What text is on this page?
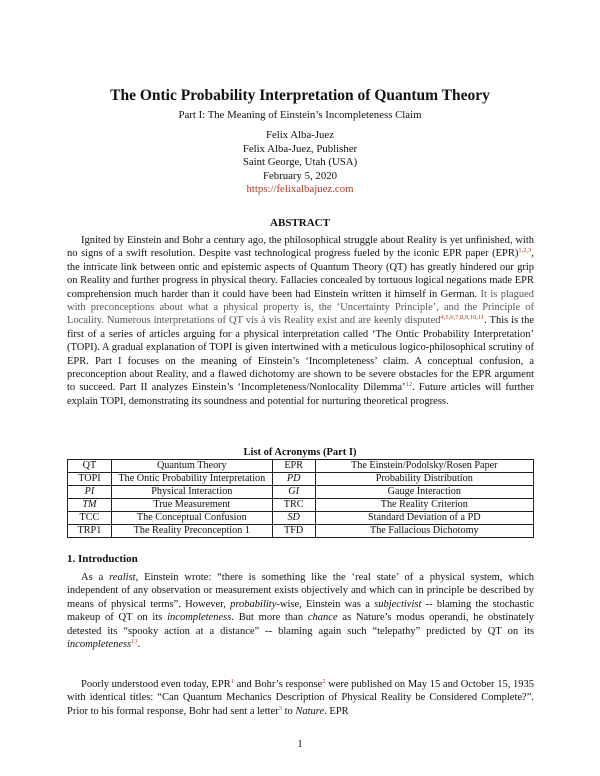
The Ontic Probability Interpretation of Quantum Theory
Part I: The Meaning of Einstein’s Incompleteness Claim
Felix Alba-Juez
Felix Alba-Juez, Publisher
Saint George, Utah (USA)
February 5, 2020
https://felixalbajuez.com
ABSTRACT

Ignited by Einstein and Bohr a century ago, the philosophical struggle about Reality is yet unfinished, with no signs of a swift resolution. Despite vast technological progress fueled by the iconic EPR paper (EPR)$^{1,2,3}$, the intricate link between ontic and epistemic aspects of Quantum Theory (QT) has greatly hindered our grip on Reality and further progress in physical theory. Fallacies concealed by tortuous logical negations made EPR comprehension much harder than it could have been had Einstein written it himself in German. It is plagued with preconceptions about what a physical property is, the ‘Uncertainty Principle’, and the Principle of Locality. Numerous interpretations of QT vis à vis Reality exist and are keenly disputed$^{4,5,6,7,8,9,10,11}$. This is the first of a series of articles arguing for a physical interpretation called ‘The Ontic Probability Interpretation’ (TOPI). A gradual explanation of TOPI is given intertwined with a meticulous logico-philosophical scrutiny of EPR. Part I focuses on the meaning of Einstein’s ‘Incompleteness’ claim. A conceptual confusion, a preconception about Reality, and a flawed dichotomy are shown to be severe obstacles for the EPR argument to succeed. Part II analyzes Einstein’s ‘Incompleteness/Nonlocality Dilemma’$^{12}$. Future articles will further explain TOPI, demonstrating its soundness and potential for nurturing theoretical progress.

List of Acronyms (Part I)
QT	Quantum Theory	EPR	The Einstein/Podolsky/Rosen Paper
TOPI	The Ontic Probability Interpretation	PD	Probability Distribution
PI	Physical Interaction	GI	Gauge Interaction
TM	True Measurement	TRC	The Reality Criterion
TCC	The Conceptual Confusion	SD	Standard Deviation of a PD
TRP1	The Reality Preconception 1	TFD	The Fallacious Dichotomy
1. Introduction

As a realist, Einstein wrote: “there is something like the ‘real state’ of a physical system, which independent of any observation or measurement exists objectively and which can in principle be described by means of physical terms”. However, probability-wise, Einstein was a subjectivist -- blaming the stochastic makeup of QT on its incompleteness. But more than chance as Nature’s modus operandi, he obstinately detested its “spooky action at a distance” -- blaming again such “telepathy” predicted by QT on its incompleteness$^{13}$.

Poorly understood even today, EPR$^1$ and Bohr’s response$^2$ were published on May 15 and October 15, 1935 with identical titles: “Can Quantum Mechanics Description of Physical Reality be Considered Complete?”. Prior to his formal response, Bohr had sent a letter$^3$ to Nature. EPR

1
